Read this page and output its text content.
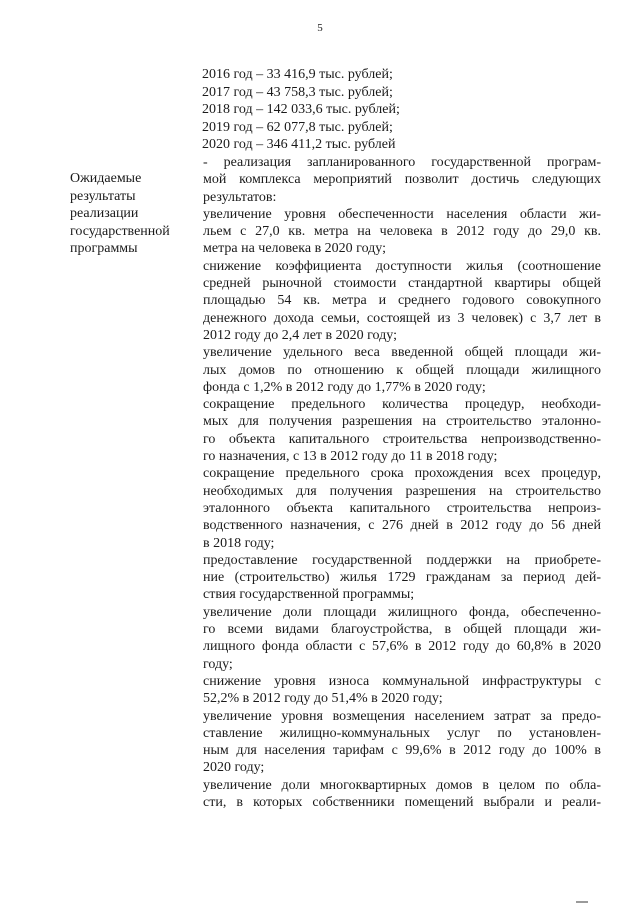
5
2016 год – 33 416,9 тыс. рублей;
2017 год – 43 758,3 тыс. рублей;
2018 год – 142 033,6 тыс. рублей;
2019 год – 62 077,8 тыс. рублей;
2020 год – 346 411,2 тыс. рублей
Ожидаемые
результаты
реализации
государственной
программы
- реализация запланированного государственной програм-
мой комплекса мероприятий позволит достичь следующих
результатов:
увеличение уровня обеспеченности населения области жи-
льем с 27,0 кв. метра на человека в 2012 году до 29,0 кв.
метра на человека в 2020 году;
снижение коэффициента доступности жилья (соотношение
средней рыночной стоимости стандартной квартиры общей
площадью 54 кв. метра и среднего годового совокупного
денежного дохода семьи, состоящей из 3 человек) с 3,7 лет в
2012 году до 2,4 лет в 2020 году;
увеличение удельного веса введенной общей площади жи-
лых домов по отношению к общей площади жилищного
фонда с 1,2% в 2012 году до 1,77% в 2020 году;
сокращение предельного количества процедур, необходи-
мых для получения разрешения на строительство эталонно-
го объекта капитального строительства непроизводственно-
го назначения, с 13 в 2012 году до 11 в 2018 году;
сокращение предельного срока прохождения всех процедур,
необходимых для получения разрешения на строительство
эталонного объекта капитального строительства непроиз-
водственного назначения, с 276 дней в 2012 году до 56 дней
в 2018 году;
предоставление государственной поддержки на приобрете-
ние (строительство) жилья 1729 гражданам за период дей-
ствия государственной программы;
увеличение доли площади жилищного фонда, обеспеченно-
го всеми видами благоустройства, в общей площади жи-
лищного фонда области с 57,6% в 2012 году до 60,8% в 2020
году;
снижение уровня износа коммунальной инфраструктуры с
52,2% в 2012 году до 51,4% в 2020 году;
увеличение уровня возмещения населением затрат за предо-
ставление жилищно-коммунальных услуг по установлен-
ным для населения тарифам с 99,6% в 2012 году до 100% в
2020 году;
увеличение доли многоквартирных домов в целом по обла-
сти, в которых собственники помещений выбрали и реали-
